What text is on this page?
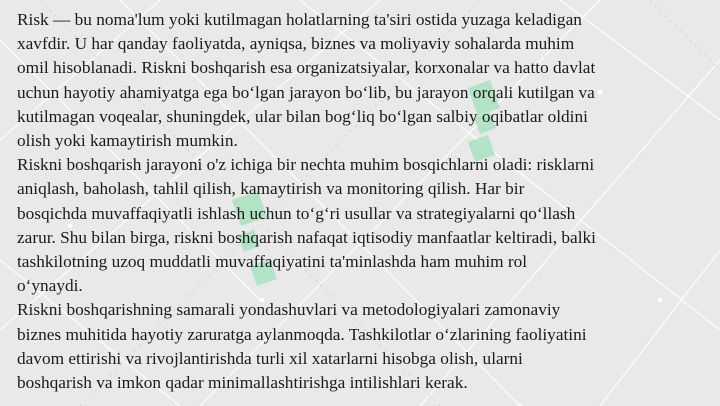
Risk — bu noma'lum yoki kutilmagan holatlarning ta'siri ostida yuzaga keladigan
xavfdir. U har qanday faoliyatda, ayniqsa, biznes va moliyaviy sohalarda muhim
omil hisoblanadi. Riskni boshqarish esa organizatsiyalar, korxonalar va hatto davlat
uchun hayotiy ahamiyatga ega bo‘lgan jarayon bo‘lib, bu jarayon orqali kutilgan va
kutilmagan voqealar, shuningdek, ular bilan bog‘liq bo‘lgan salbiy oqibatlar oldini
olish yoki kamaytirish mumkin.

Riskni boshqarish jarayoni o'z ichiga bir nechta muhim bosqichlarni oladi: risklarni
aniqlash, baholash, tahlil qilish, kamaytirish va monitoring qilish. Har bir
bosqichda muvaffaqiyatli ishlash uchun to‘g‘ri usullar va strategiyalarni qo‘llash
zarur. Shu bilan birga, riskni boshqarish nafaqat iqtisodiy manfaatlar keltiradi, balki
tashkilotning uzoq muddatli muvaffaqiyatini ta'minlashda ham muhim rol
o‘ynaydi.

Riskni boshqarishning samarali yondashuvlari va metodologiyalari zamonaviy
biznes muhitida hayotiy zaruratga aylanmoqda. Tashkilotlar o‘zlarining faoliyatini
davom ettirishi va rivojlantirishda turli xil xatarlarni hisobga olish, ularni
boshqarish va imkon qadar minimallashtirishga intilishlari kerak.
